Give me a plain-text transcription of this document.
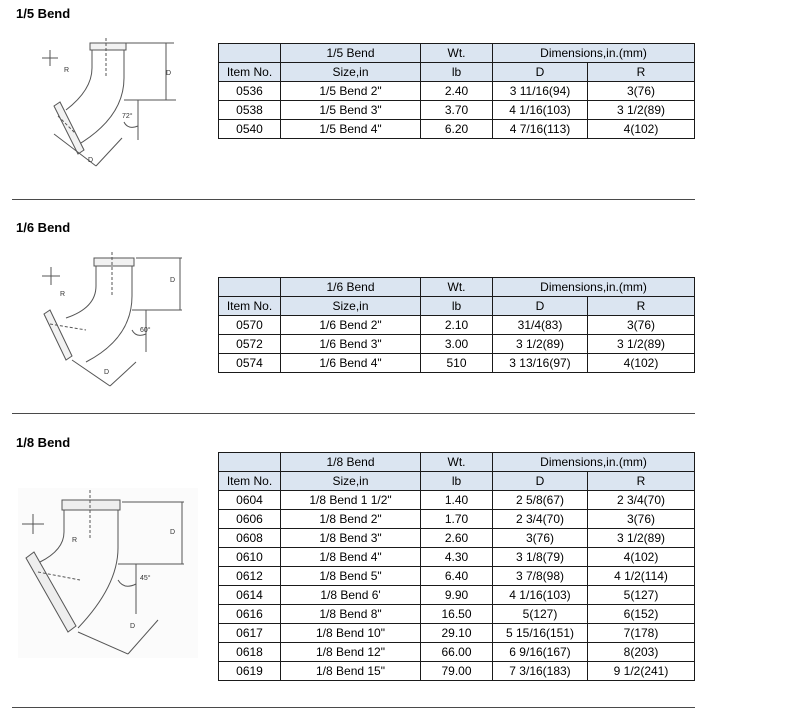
1/5 Bend
D
R
72°
D
	1/5 Bend	Wt.	Dimensions,in.(mm)	
Item No.	Size,in	lb	D	R
0536	1/5 Bend 2"	2.40	3 11/16(94)	3(76)
0538	1/5 Bend 3"	3.70	4 1/16(103)	3 1/2(89)
0540	1/5 Bend 4"	6.20	4 7/16(113)	4(102)
1/6 Bend
D
R
60°
D
	1/6 Bend	Wt.	Dimensions,in.(mm)	
Item No.	Size,in	lb	D	R
0570	1/6 Bend 2"	2.10	31/4(83)	3(76)
0572	1/6 Bend 3"	3.00	3 1/2(89)	3 1/2(89)
0574	1/6 Bend 4"	510	3 13/16(97)	4(102)
1/8 Bend
D
R
45°
D
	1/8 Bend	Wt.	Dimensions,in.(mm)	
Item No.	Size,in	lb	D	R
0604	1/8 Bend 1 1/2"	1.40	2 5/8(67)	2 3/4(70)
0606	1/8 Bend 2"	1.70	2 3/4(70)	3(76)
0608	1/8 Bend 3"	2.60	3(76)	3 1/2(89)
0610	1/8 Bend 4"	4.30	3 1/8(79)	4(102)
0612	1/8 Bend 5"	6.40	3 7/8(98)	4 1/2(114)
0614	1/8 Bend 6'	9.90	4 1/16(103)	5(127)
0616	1/8 Bend 8"	16.50	5(127)	6(152)
0617	1/8 Bend 10"	29.10	5 15/16(151)	7(178)
0618	1/8 Bend 12"	66.00	6 9/16(167)	8(203)
0619	1/8 Bend 15"	79.00	7 3/16(183)	9 1/2(241)
